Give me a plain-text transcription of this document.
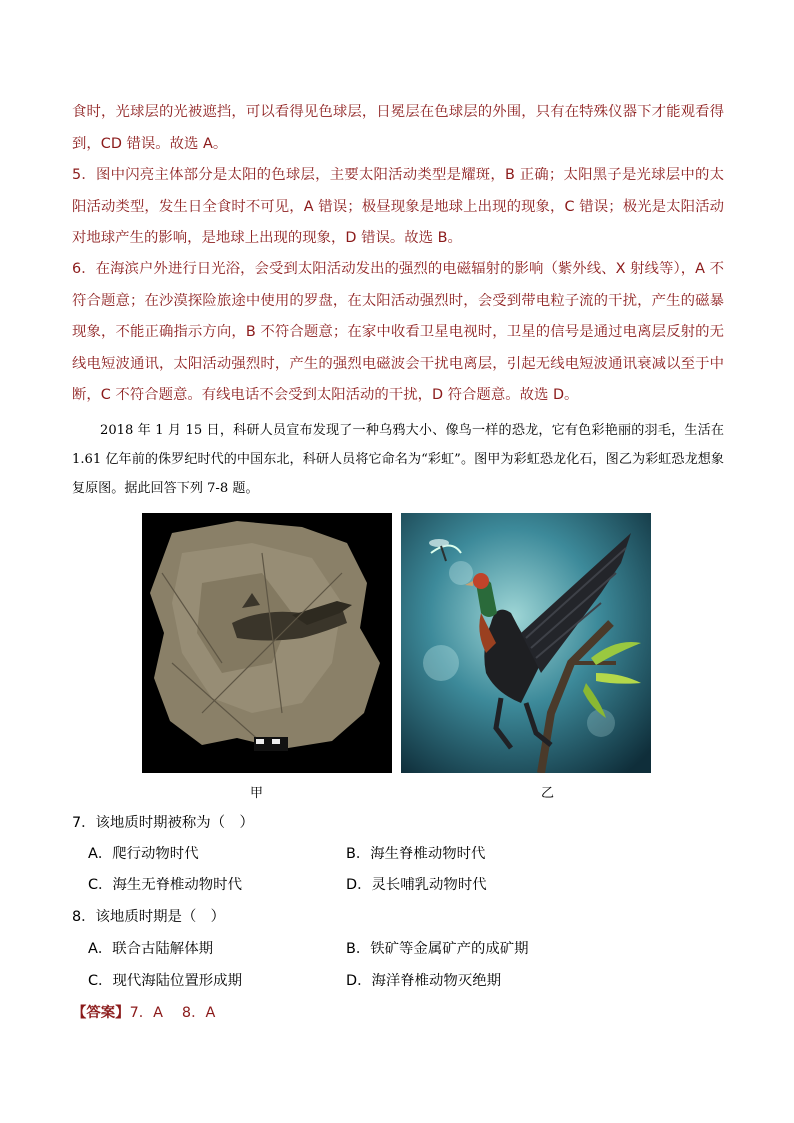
食时，光球层的光被遮挡，可以看得见色球层，日冕层在色球层的外围，只有在特殊仪器下才能观看得到，CD 错误。故选 A。

5．图中闪亮主体部分是太阳的色球层，主要太阳活动类型是耀斑，B 正确；太阳黑子是光球层中的太阳活动类型，发生日全食时不可见，A 错误；极昼现象是地球上出现的现象，C 错误；极光是太阳活动对地球产生的影响，是地球上出现的现象，D 错误。故选 B。

6．在海滨户外进行日光浴，会受到太阳活动发出的强烈的电磁辐射的影响（紫外线、X 射线等），A 不符合题意；在沙漠探险旅途中使用的罗盘，在太阳活动强烈时，会受到带电粒子流的干扰，产生的磁暴现象，不能正确指示方向，B 不符合题意；在家中收看卫星电视时，卫星的信号是通过电离层反射的无线电短波通讯，太阳活动强烈时，产生的强烈电磁波会干扰电离层，引起无线电短波通讯衰减以至于中断，C 不符合题意。有线电话不会受到太阳活动的干扰，D 符合题意。故选 D。

2018 年 1 月 15 日，科研人员宣布发现了一种乌鸦大小、像鸟一样的恐龙，它有色彩艳丽的羽毛，生活在 1.61 亿年前的侏罗纪时代的中国东北，科研人员将它命名为“彩虹”。图甲为彩虹恐龙化石，图乙为彩虹恐龙想象复原图。据此回答下列 7-8 题。

甲	乙
7．该地质时期被称为（　）
A．爬行动物时代	B．海生脊椎动物时代
C．海生无脊椎动物时代	D．灵长哺乳动物时代
8．该地质时期是（　）
A．联合古陆解体期	B．铁矿等金属矿产的成矿期
C．现代海陆位置形成期	D．海洋脊椎动物灭绝期
【答案】7．A　 8．A
